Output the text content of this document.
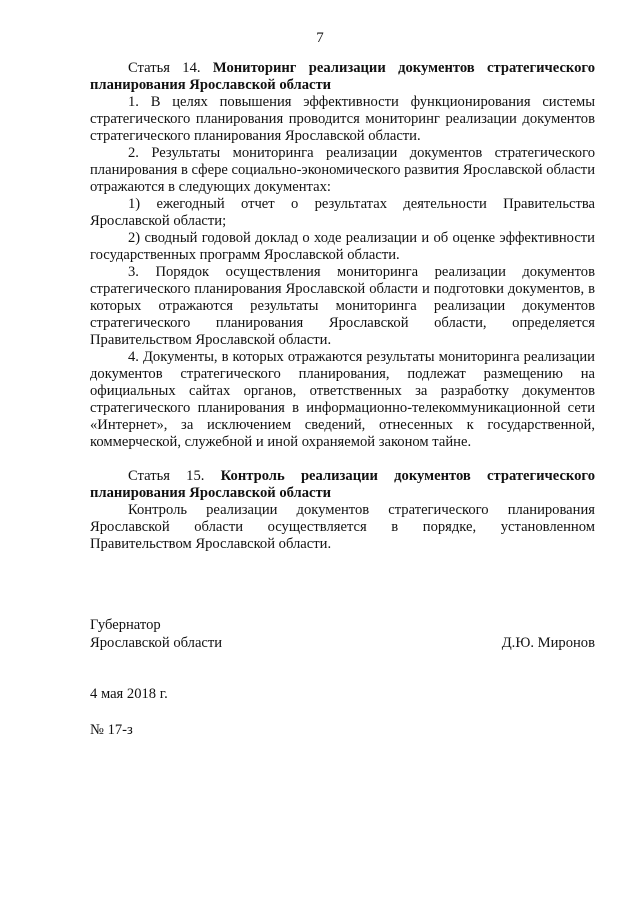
7

Статья 14. Мониторинг реализации документов стратегического планирования Ярославской области

1. В целях повышения эффективности функционирования системы стратегического планирования проводится мониторинг реализации документов стратегического планирования Ярославской области.

2. Результаты мониторинга реализации документов стратегического планирования в сфере социально-экономического развития Ярославской области отражаются в следующих документах:

1) ежегодный отчет о результатах деятельности Правительства Ярославской области;

2) сводный годовой доклад о ходе реализации и об оценке эффективности государственных программ Ярославской области.

3. Порядок осуществления мониторинга реализации документов стратегического планирования Ярославской области и подготовки документов, в которых отражаются результаты мониторинга реализации документов стратегического планирования Ярославской области, определяется Правительством Ярославской области.

4. Документы, в которых отражаются результаты мониторинга реализации документов стратегического планирования, подлежат размещению на официальных сайтах органов, ответственных за разработку документов стратегического планирования в информационно-телекоммуникационной сети «Интернет», за исключением сведений, отнесенных к государственной, коммерческой, служебной и иной охраняемой законом тайне.

Статья 15. Контроль реализации документов стратегического планирования Ярославской области

Контроль реализации документов стратегического планирования Ярославской области осуществляется в порядке, установленном Правительством Ярославской области.

Губернатор
Ярославской области	Д.Ю. Миронов
4 мая 2018 г.
№ 17-з
